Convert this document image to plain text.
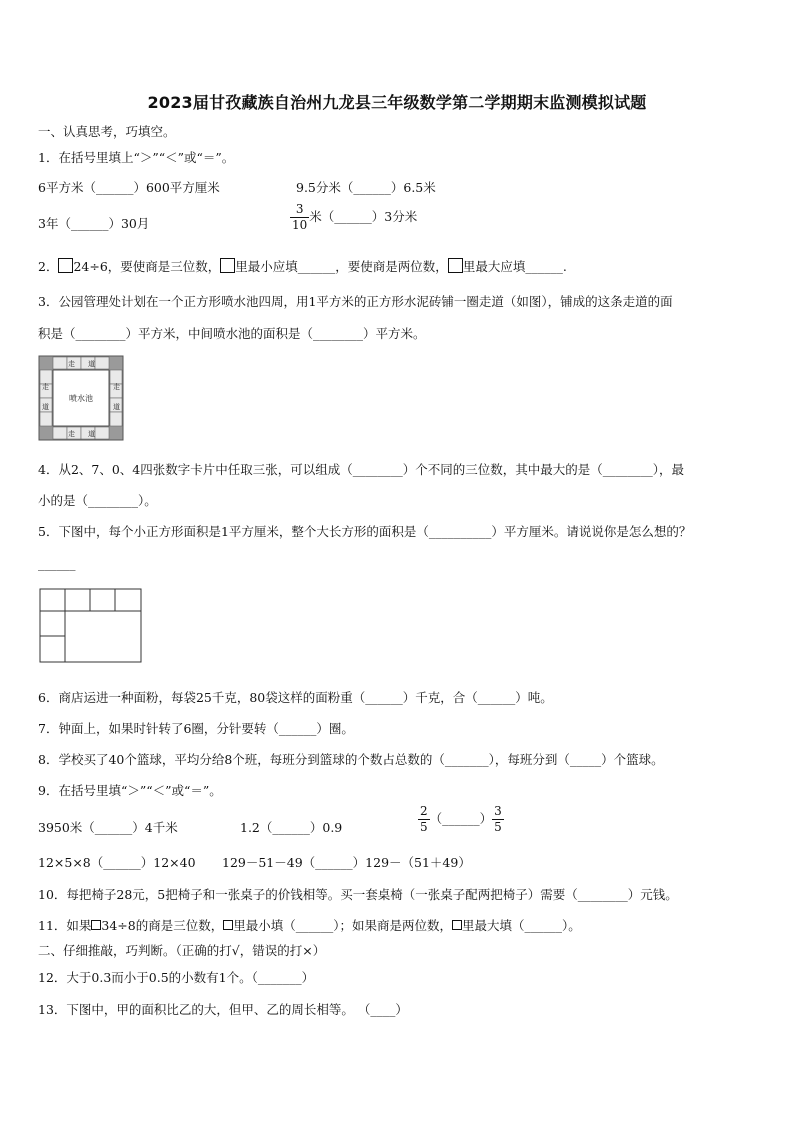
2023届甘孜藏族自治州九龙县三年级数学第二学期期末监测模拟试题
一、认真思考，巧填空。
1．在括号里填上“＞”“＜”或“＝”。
6平方米（______）600平方厘米	9.5分米（______）6.5米
3年（______）30月	$\frac{3}{10}$ 米（______）3分米
2． 24÷6，要使商是三位数， 里最小应填______，要使商是两位数， 里最大应填______.
3．公园管理处计划在一个正方形喷水池四周，用1平方米的正方形水泥砖铺一圈走道（如图），铺成的这条走道的面
积是（________）平方米，中间喷水池的面积是（________）平方米。
走 道
走 道
走
道
走
道
喷水池
4．从2、7、0、4四张数字卡片中任取三张，可以组成（________）个不同的三位数，其中最大的是（________），最
小的是（________）。
5．下图中，每个小正方形面积是1平方厘米，整个大长方形的面积是（__________）平方厘米。请说说你是怎么想的？
______
6．商店运进一种面粉，每袋25千克，80袋这样的面粉重（______）千克，合（______）吨。
7．钟面上，如果时针转了6圈，分针要转（______）圈。
8．学校买了40个篮球，平均分给8个班，每班分到篮球的个数占总数的（_______），每班分到（_____）个篮球。
9．在括号里填“＞”“＜”或“＝”。
3950米（______）4千米	1.2（______）0.9	$\frac{2}{5}$ （______） $\frac{3}{5}$
12×5×8（______）12×40 129－51－49（______）129－（51＋49）
10．每把椅子28元，5把椅子和一张桌子的价钱相等。买一套桌椅（一张桌子配两把椅子）需要（________）元钱。
11．如果 34÷8的商是三位数， 里最小填（______）；如果商是两位数， 里最大填（______）。
二、仔细推敲，巧判断。（正确的打√，错误的打×）
12．大于0.3而小于0.5的小数有1个。（_______）
13．下图中，甲的面积比乙的大，但甲、乙的周长相等。 （____）
